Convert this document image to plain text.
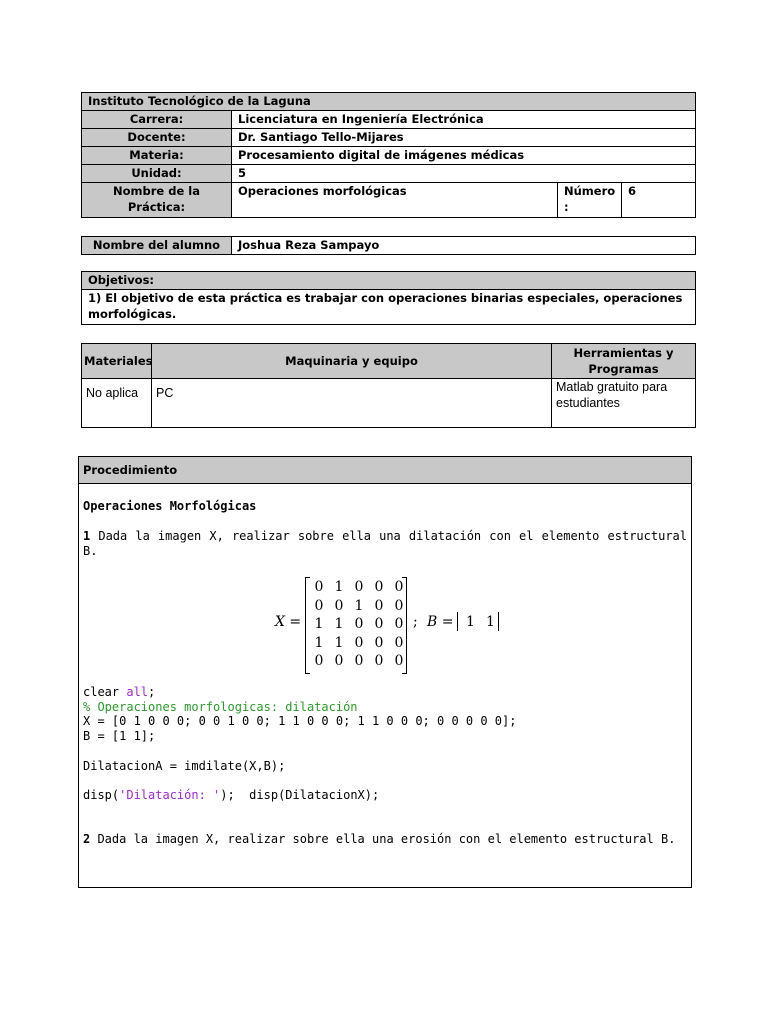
Instituto Tecnológico de la Laguna			
Carrera:	Licenciatura en Ingeniería Electrónica		
Docente:	Dr. Santiago Tello-Mijares		
Materia:	Procesamiento digital de imágenes médicas		
Unidad:	5		
Nombre de la Práctica:	Operaciones morfológicas	Número :	6
Nombre del alumno	Joshua Reza Sampayo
Objetivos:
1) El objetivo de esta práctica es trabajar con operaciones binarias especiales, operaciones morfológicas.
Materiales	Maquinaria y equipo	Herramientas y Programas
No aplica	PC	Matlab gratuito para estudiantes
Procedimiento
Operaciones Morfológicas
1 Dada la imagen X, realizar sobre ella una dilatación con el elemento estructural B.
X =
0 1 0 0 0
0 0 1 0 0
1 1 0 0 0
1 1 0 0 0
0 0 0 0 0
; B = 1 1
clear all;
% Operaciones morfologicas: dilatación
X = [0 1 0 0 0; 0 0 1 0 0; 1 1 0 0 0; 1 1 0 0 0; 0 0 0 0 0];
B = [1 1];
DilatacionA = imdilate(X,B);
disp('Dilatación: ');  disp(DilatacionX);
2 Dada la imagen X, realizar sobre ella una erosión con el elemento estructural B.
